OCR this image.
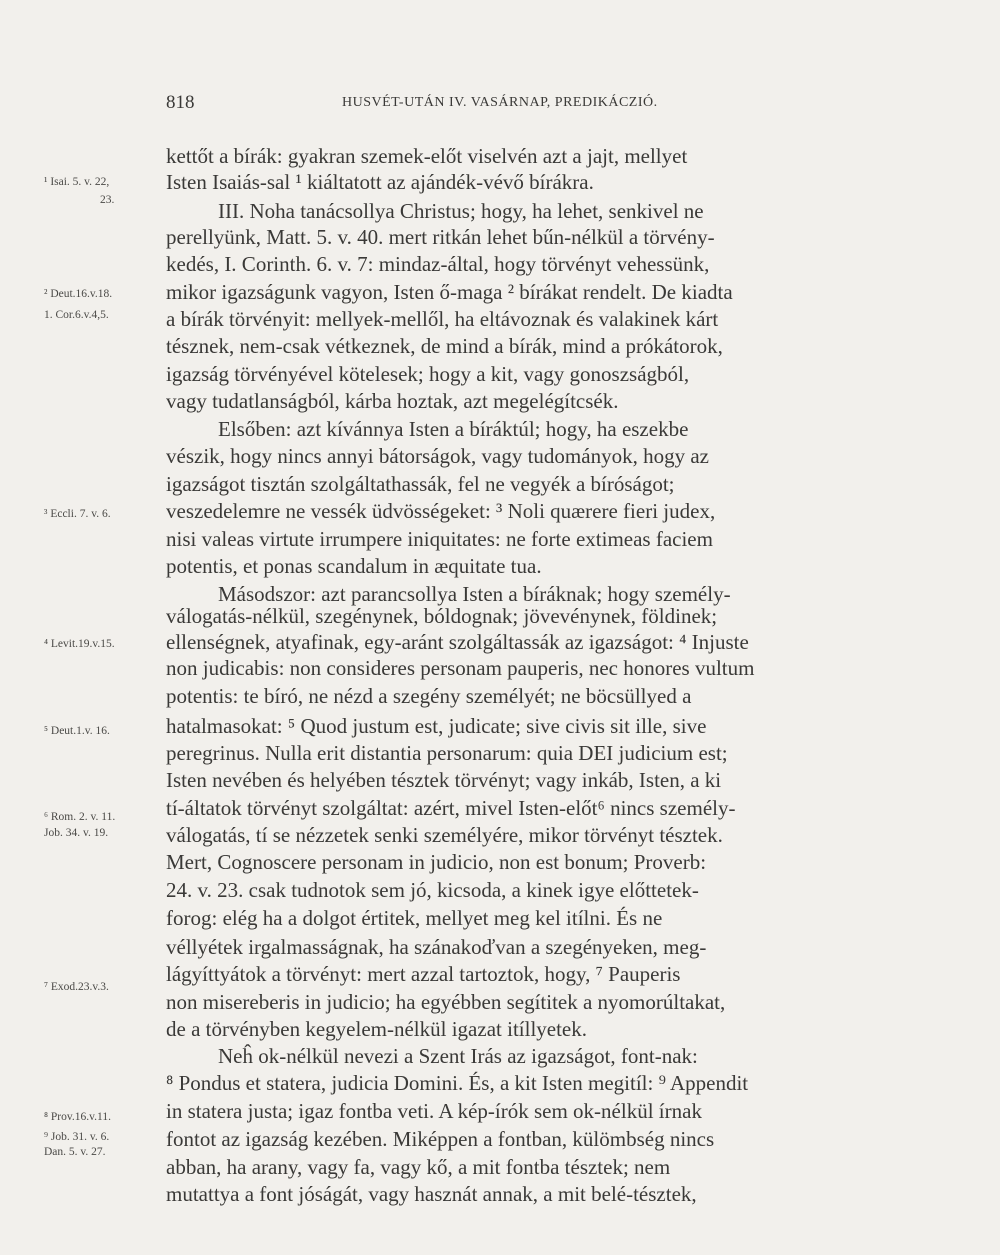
818	HUSVÉT-UTÁN IV. VASÁRNAP, PREDIKÁCZIÓ.
¹ Isai. 5. v. 22,
23.
² Deut.16.v.18.
1. Cor.6.v.4,5.
³ Eccli. 7. v. 6.
⁴ Levit.19.v.15.
⁵ Deut.1.v. 16.
⁶ Rom. 2. v. 11.
Job. 34. v. 19.
⁷ Exod.23.v.3.
⁸ Prov.16.v.11.
⁹ Job. 31. v. 6.
Dan. 5. v. 27.
kettőt a bírák: gyakran szemek-előt viselvén azt a jajt, mellyet
Isten Isaiás-sal ¹ kiáltatott az ajándék-vévő bírákra.
III. Noha tanácsollya Christus; hogy, ha lehet, senkivel ne
perellyünk, Matt. 5. v. 40. mert ritkán lehet bűn-nélkül a törvény-
kedés, I. Corinth. 6. v. 7: mindaz-által, hogy törvényt vehessünk,
mikor igazságunk vagyon, Isten ő-maga ² bírákat rendelt. De kiadta
a bírák törvényit: mellyek-mellől, ha eltávoznak és valakinek kárt
tésznek, nem-csak vétkeznek, de mind a bírák, mind a prókátorok,
igazság törvényével kötelesek; hogy a kit, vagy gonoszságból,
vagy tudatlanságból, kárba hoztak, azt megelégítcsék.
Elsőben: azt kívánnya Isten a bíráktúl; hogy, ha eszekbe
vészik, hogy nincs annyi bátorságok, vagy tudományok, hogy az
igazságot tisztán szolgáltathassák, fel ne vegyék a bíróságot;
veszedelemre ne vessék üdvösségeket: ³ Noli quærere fieri judex,
nisi valeas virtute irrumpere iniquitates: ne forte extimeas faciem
potentis, et ponas scandalum in æquitate tua.
Másodszor: azt parancsollya Isten a bíráknak; hogy személy-
válogatás-nélkül, szegénynek, bóldognak; jövevénynek, földinek;
ellenségnek, atyafinak, egy-aránt szolgáltassák az igazságot: ⁴ Injuste
non judicabis: non consideres personam pauperis, nec honores vultum
potentis: te bíró, ne nézd a szegény személyét; ne böcsüllyed a
hatalmasokat: ⁵ Quod justum est, judicate; sive civis sit ille, sive
peregrinus. Nulla erit distantia personarum: quia DEI judicium est;
Isten nevében és helyében tésztek törvényt; vagy inkáb, Isten, a ki
tí-áltatok törvényt szolgáltat: azért, mivel Isten-előt⁶ nincs személy-
válogatás, tí se nézzetek senki személyére, mikor törvényt tésztek.
Mert, Cognoscere personam in judicio, non est bonum; Proverb:
24. v. 23. csak tudnotok sem jó, kicsoda, a kinek igye előttetek-
forog: elég ha a dolgot értitek, mellyet meg kel itílni. És ne
véllyétek irgalmasságnak, ha szánakoďvan a szegényeken, meg-
lágyíttyátok a törvényt: mert azzal tartoztok, hogy, ⁷ Pauperis
non misereberis in judicio; ha egyébben segítitek a nyomorúltakat,
de a törvényben kegyelem-nélkül igazat itíllyetek.
Neĥ ok-nélkül nevezi a Szent Irás az igazságot, font-nak:
⁸ Pondus et statera, judicia Domini. És, a kit Isten megitíl: ⁹ Appendit
in statera justa; igaz fontba veti. A kép-írók sem ok-nélkül írnak
fontot az igazság kezében. Miképpen a fontban, külömbség nincs
abban, ha arany, vagy fa, vagy kő, a mit fontba tésztek; nem
mutattya a font jóságát, vagy hasznát annak, a mit belé-tésztek,
